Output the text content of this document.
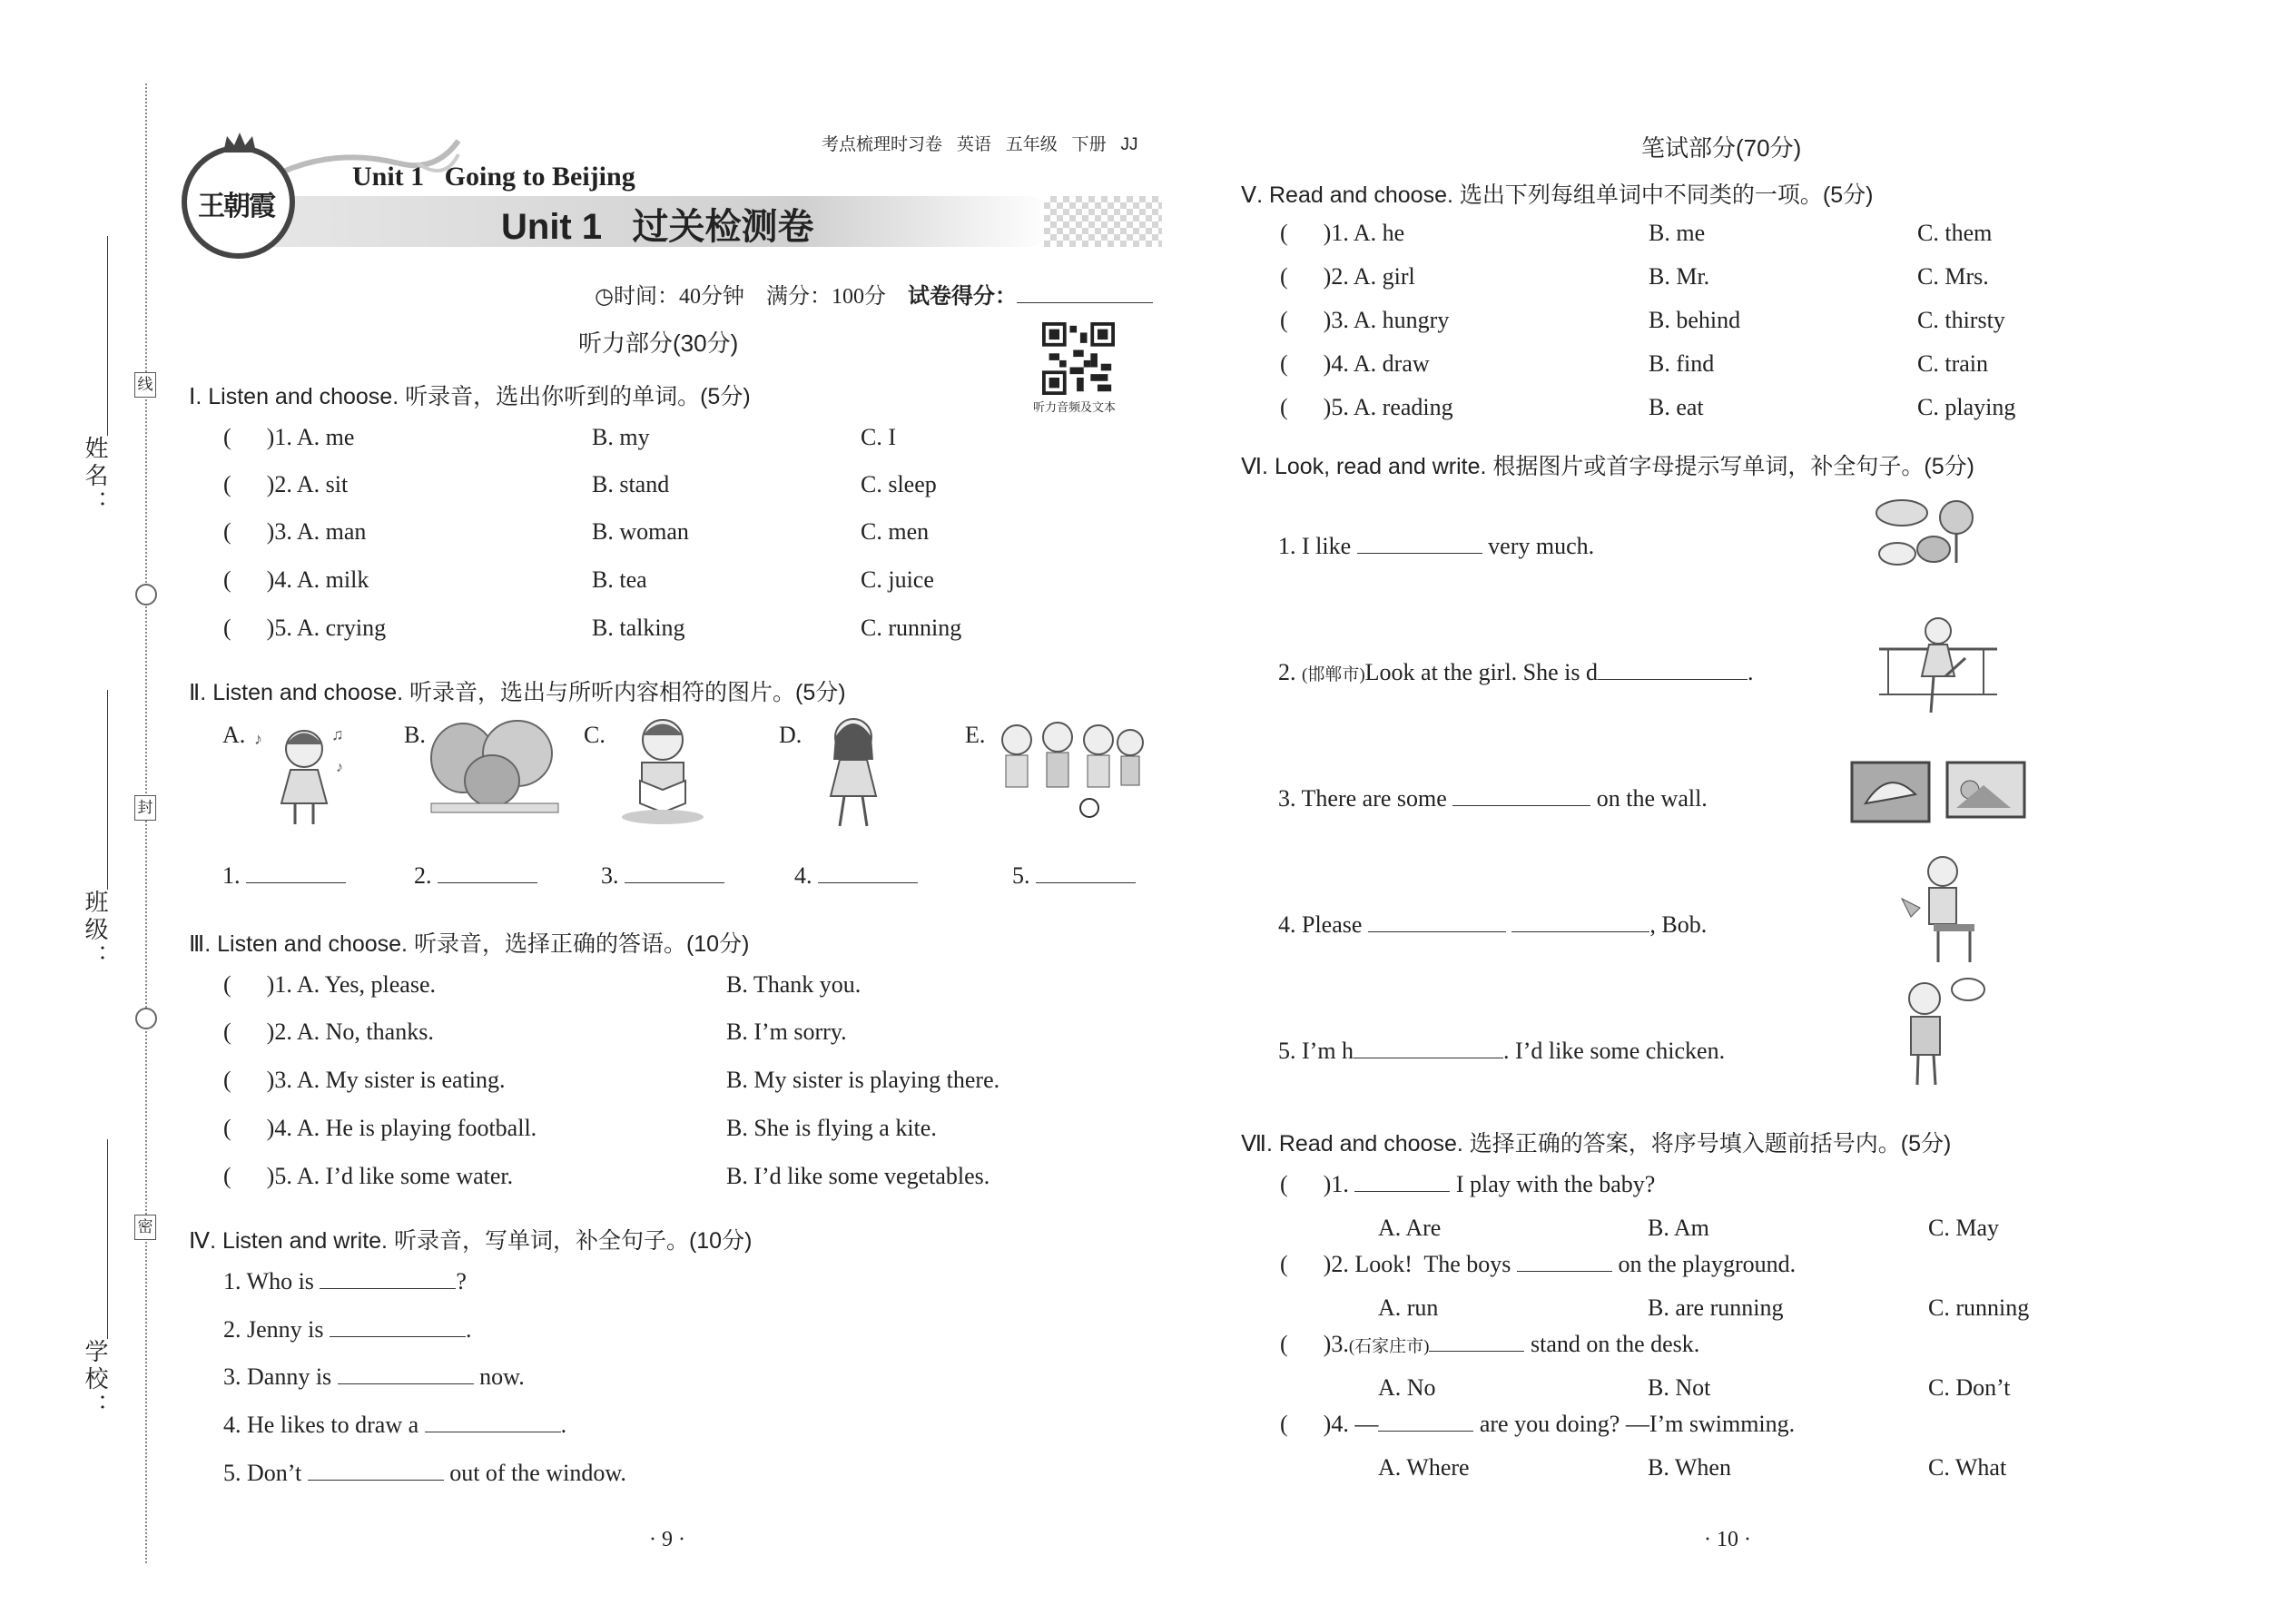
姓名：
班级：
学校：
线
封
密
考点梳理时习卷 英语 五年级 下册 JJ
王朝霞
Unit 1   Going to Beijing
Unit 1   过关检测卷
◷时间：40分钟 满分：100分 试卷得分：
听力音频及文本
听力部分(30分)
Ⅰ. Listen and choose. 听录音，选出你听到的单词。(5分)
(      )1. A. me	B. my	C. I
(      )2. A. sit	B. stand	C. sleep
(      )3. A. man	B. woman	C. men
(      )4. A. milk	B. tea	C. juice
(      )5. A. crying	B. talking	C. running
Ⅱ. Listen and choose. 听录音，选出与所听内容相符的图片。(5分)
A.	B.	C.	D.	E.
♪	♫
♪
1.	2.	3.	4.	5.
Ⅲ. Listen and choose. 听录音，选择正确的答语。(10分)
(      )1. A. Yes, please.	B. Thank you.
(      )2. A. No, thanks.	B. I’m sorry.
(      )3. A. My sister is eating.	B. My sister is playing there.
(      )4. A. He is playing football.	B. She is flying a kite.
(      )5. A. I’d like some water.	B. I’d like some vegetables.
Ⅳ. Listen and write. 听录音，写单词，补全句子。(10分)
1. Who is	?
2. Jenny is	.
3. Danny is	now.
4. He likes to draw a	.
5. Don’t	out of the window.
· 9 ·
笔试部分(70分)
Ⅴ. Read and choose. 选出下列每组单词中不同类的一项。(5分)
(      )1. A. he	B. me	C. them
(      )2. A. girl	B. Mr.	C. Mrs.
(      )3. A. hungry	B. behind	C. thirsty
(      )4. A. draw	B. find	C. train
(      )5. A. reading	B. eat	C. playing
Ⅵ. Look, read and write. 根据图片或首字母提示写单词，补全句子。(5分)
1. I like	very much.
2. (邯郸市)Look at the girl. She is d	.
3. There are some	on the wall.
4. Please	, Bob.
5. I’m h	. I’d like some chicken.
Ⅶ. Read and choose. 选择正确的答案，将序号填入题前括号内。(5分)
(      )1.	I play with the baby?
A. Are	B. Am	C. May
(      )2. Look!  The boys	on the playground.
A. run	B. are running	C. running
(      )3.(石家庄市)	stand on the desk.
A. No	B. Not	C. Don’t
(      )4. —	are you doing? —I’m swimming.
A. Where	B. When	C. What
· 10 ·
